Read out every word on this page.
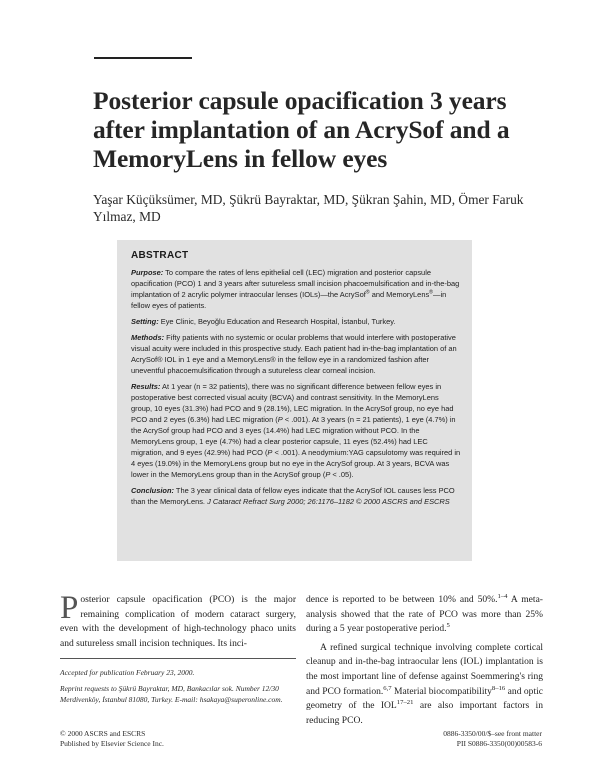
Posterior capsule opacification 3 years after implantation of an AcrySof and a MemoryLens in fellow eyes
Yaşar Küçüksümer, MD, Şükrü Bayraktar, MD, Şükran Şahin, MD, Ömer Faruk Yılmaz, MD
ABSTRACT

Purpose: To compare the rates of lens epithelial cell (LEC) migration and posterior capsule opacification (PCO) 1 and 3 years after sutureless small incision phacoemulsification and in-the-bag implantation of 2 acrylic polymer intraocular lenses (IOLs)—the AcrySof® and MemoryLens®—in fellow eyes of patients.

Setting: Eye Clinic, Beyoğlu Education and Research Hospital, İstanbul, Turkey.

Methods: Fifty patients with no systemic or ocular problems that would interfere with postoperative visual acuity were included in this prospective study. Each patient had in-the-bag implantation of an AcrySof® IOL in 1 eye and a MemoryLens® in the fellow eye in a randomized fashion after uneventful phacoemulsification through a sutureless clear corneal incision.

Results: At 1 year (n = 32 patients), there was no significant difference between fellow eyes in postoperative best corrected visual acuity (BCVA) and contrast sensitivity. In the MemoryLens group, 10 eyes (31.3%) had PCO and 9 (28.1%), LEC migration. In the AcrySof group, no eye had PCO and 2 eyes (6.3%) had LEC migration (P < .001). At 3 years (n = 21 patients), 1 eye (4.7%) in the AcrySof group had PCO and 3 eyes (14.4%) had LEC migration without PCO. In the MemoryLens group, 1 eye (4.7%) had a clear posterior capsule, 11 eyes (52.4%) had LEC migration, and 9 eyes (42.9%) had PCO (P < .001). A neodymium:YAG capsulotomy was required in 4 eyes (19.0%) in the MemoryLens group but no eye in the AcrySof group. At 3 years, BCVA was lower in the MemoryLens group than in the AcrySof group (P < .05).

Conclusion: The 3 year clinical data of fellow eyes indicate that the AcrySof IOL causes less PCO than the MemoryLens. J Cataract Refract Surg 2000; 26:1176–1182 © 2000 ASCRS and ESCRS

Posterior capsule opacification (PCO) is the major remaining complication of modern cataract surgery, even with the development of high-technology phaco units and sutureless small incision techniques. Its inci-

dence is reported to be between 10% and 50%.$^{1-4}$ A meta-analysis showed that the rate of PCO was more than 25% during a 5 year postoperative period.$^5$

A refined surgical technique involving complete cortical cleanup and in-the-bag intraocular lens (IOL) implantation is the most important line of defense against Soemmering's ring and PCO formation.$^{6,7}$ Material biocompatibility$^{8-16}$ and optic geometry of the IOL$^{17-21}$ are also important factors in reducing PCO.

Accepted for publication February 23, 2000.
Reprint requests to Şükrü Bayraktar, MD, Bankacılar sok. Number 12/30 Merdivenköy, İstanbul 81080, Turkey. E-mail: hsakaya@superonline.com.
© 2000 ASCRS and ESCRS
Published by Elsevier Science Inc.
0886-3350/00/$–see front matter
PII S0886-3350(00)00583-6
